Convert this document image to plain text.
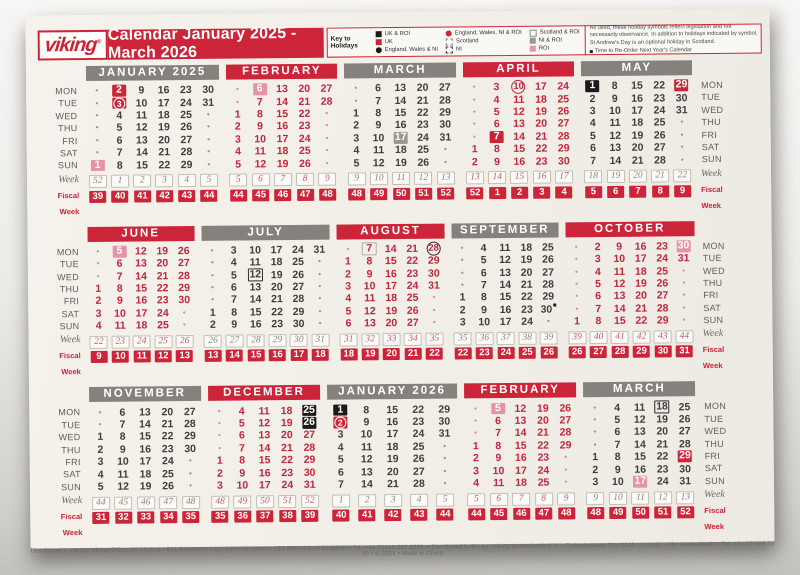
viking® Calendar January 2025 - March 2026
Key to Holidays
UK & ROI
UK
England, Wales & NI
England, Wales, NI & ROI
Scotland
NI
Scotland & ROI
NI & ROI
ROI
As used, these holiday symbols reflect legislation and not necessarily observance. In addition to holidays indicated by symbol, St Andrew's Day is an optional holiday in Scotland.
Time to Re-Order Next Year's Calendar
MON
TUE
WED
THU
FRI
SAT
SUN
Week
Fiscal Week
JANUARY 2025
•	2	9 16 23 30
•	3	10 17 24 31
• 4 11 18 25 •
• 5 12 19 26 •
• 6 13 20 27 •
• 7 14 21 28 •
1	8 15 22 29 •
52	1	2	3	4	5
39	40	41	42	43	44
FEBRUARY
•	6	13 20 27
• 7 14 21 28
1 8 15 22 •
2 9 16 23 •
3 10 17 24 •
4 11 18 25 •
5 12 19 26 •
5	6	7	8	9
44	45	46	47	48
MARCH
• 6 13 20 27
• 7 14 21 28
1 8 15 22 29
2 9 16 23 30
3 10 17 24 31
4 11 18 25 •
5 12 19 26 •
9	10	11	12	13
48	49	50	51	52
APRIL
• 3 10 17 24
• 4 11 18 25
• 5 12 19 26
• 6 13 20 27
•	7	14 21 28
1 8 15 22 29
2 9 16 23 30
13	14	15	16	17
52	1	2	3	4
MAY
1	8 15 22 29
2 9 16 23 30
3 10 17 24 31
4 11 18 25 •
5 12 19 26 •
6 13 20 27 •
7 14 21 28 •
18	19	20	21	22
5	6	7	8	9
MON
TUE
WED
THU
FRI
SAT
SUN
Week
Fiscal Week
MON
TUE
WED
THU
FRI
SAT
SUN
Week
Fiscal Week
JUNE
•	5	12 19 26
• 6 13 20 27
• 7 14 21 28
1 8 15 22 29
2 9 16 23 30
3 10 17 24 •
4 11 18 25 •
22	23	24	25	26
9	10	11	12	13
JULY
• 3 10 17 24 31
• 4 11 18 25 •
• 5 12 19 26 •
• 6 13 20 27 •
• 7 14 21 28 •
1 8 15 22 29 •
2 9 16 23 30 •
26	27	28	29	30	31
13	14	15	16	17	18
AUGUST
•	7	14 21 28
1 8 15 22 29
2 9 16 23 30
3 10 17 24 31
4 11 18 25 •
5 12 19 26 •
6 13 20 27 •
31	32	33	34	35
18	19	20	21	22
SEPTEMBER
• 4 11 18 25
• 5 12 19 26
• 6 13 20 27
• 7 14 21 28
1 8 15 22 29
2 9 16 23 30
3 10 17 24 •
35	36	37	38	39
22	23	24	25	26
OCTOBER
• 2 9 16 23 30
• 3 10 17 24 31
• 4 11 18 25 •
• 5 12 19 26 •
• 6 13 20 27 •
• 7 14 21 28 •
1 8 15 22 29 •
39	40	41	42	43	44
26	27	28	29	30	31
MON
TUE
WED
THU
FRI
SAT
SUN
Week
Fiscal Week
MON
TUE
WED
THU
FRI
SAT
SUN
Week
Fiscal Week
NOVEMBER
• 6 13 20 27
• 7 14 21 28
1 8 15 22 29
2 9 16 23 30
3 10 17 24 •
4 11 18 25 •
5 12 19 26 •
44	45	46	47	48
31	32	33	34	35
DECEMBER
• 4 11 18 25
• 5 12 19 26
• 6 13 20 27
• 7 14 21 28
1 8 15 22 29
2 9 16 23 30
3 10 17 24 31
48	49	50	51	52
35	36	37	38	39
JANUARY 2026
1	8 15 22 29
2	9 16 23 30
3 10 17 24 31
4 11 18 25 •
5 12 19 26 •
6 13 20 27 •
7 14 21 28 •
1	2	3	4	5
40	41	42	43	44
FEBRUARY
•	5	12 19 26
• 6 13 20 27
• 7 14 21 28
1 8 15 22 29
2 9 16 23 •
3 10 17 24 •
4 11 18 25 •
5	6	7	8	9
44	45	46	47	48
MARCH
• 4 11 18 25
• 5 12 19 26
• 6 13 20 27
• 7 14 21 28
1 8 15 22 29
2 9 16 23 30
3 10 17 24 31
9	10	11	12	13
48	49	50	51	52
MON
TUE
WED
THU
FRI
SAT
SUN
Week
Fiscal Week
Distributed in UK by: Viking Office UK Limited • 501 Beaumont Leys Lane • Leicester LE4 2BN United Kingdom • Tel. +44 (0)116 237 2006. • Distributed in EU by: Viking Netherlands B.V. • Columbusweg 33 • 5928 LA Venlo • The Netherlands • Tel. +31 77 326 50 00 • © 2024 • Made in China
